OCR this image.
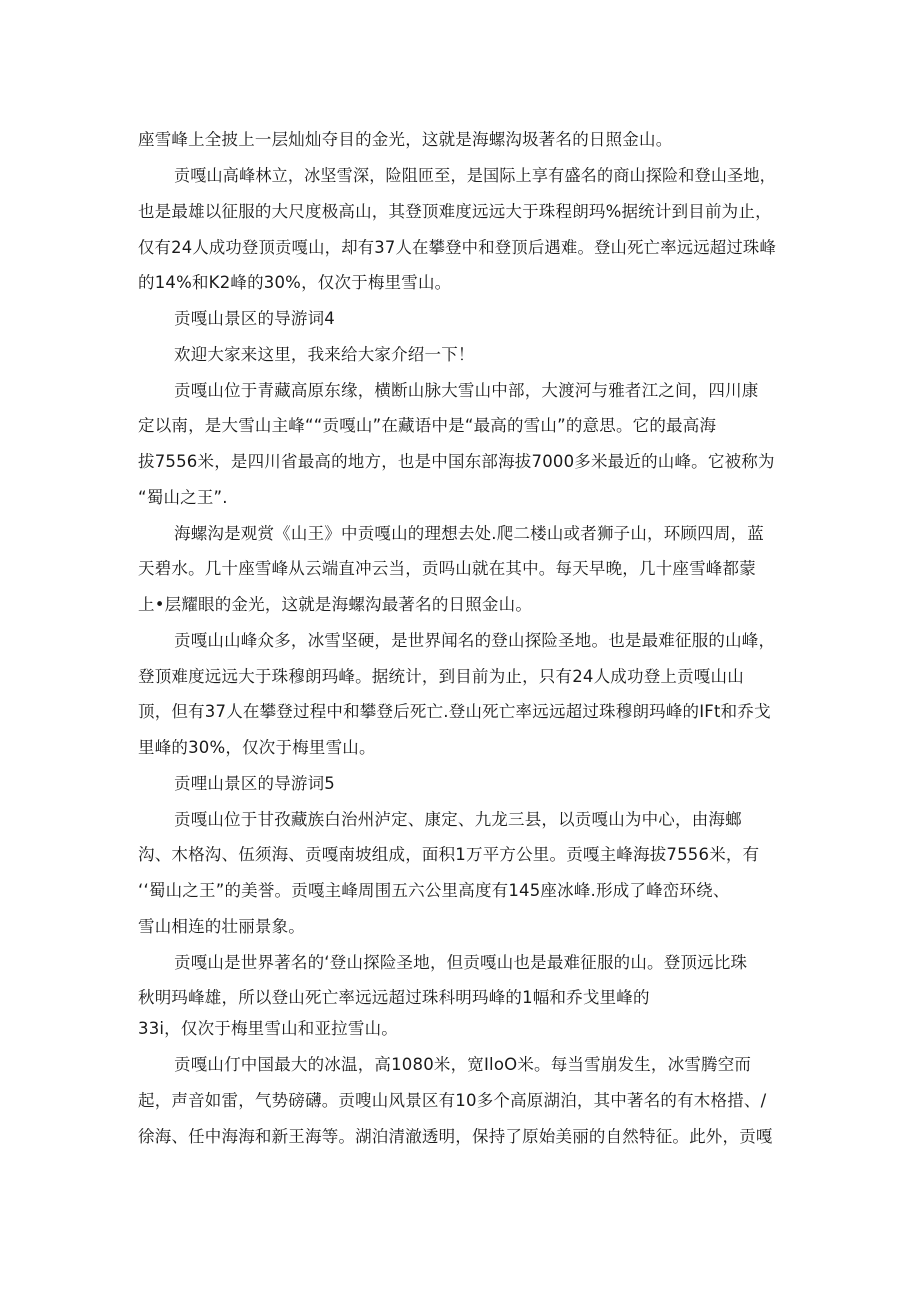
座雪峰上全披上一层灿灿夺目的金光，这就是海螺沟圾著名的日照金山。
贡嘎山高峰林立，冰坚雪深，险阻匝至，是国际上享有盛名的商山探险和登山圣地，
也是最雄以征服的大尺度极高山，其登顶难度远远大于珠程朗玛%据统计到目前为止，
仅有24人成功登顶贡嘎山，却有37人在攀登中和登顶后遇难。登山死亡率远远超过珠峰
的14%和K2峰的30%，仅次于梅里雪山。
贡嘎山景区的导游词4
欢迎大家来这里，我来给大家介绍一下！
贡嘎山位于青藏高原东缘，横断山脉大雪山中部，大渡河与雅者江之间，四川康
定以南，是大雪山主峰““贡嘎山”在藏语中是“最高的雪山”的意思。它的最高海
拔7556米，是四川省最高的地方，也是中国东部海拔7000多米最近的山峰。它被称为
“蜀山之王”.
海螺沟是观赏《山王》中贡嘎山的理想去处.爬二楼山或者狮子山，环顾四周，蓝
天碧水。几十座雪峰从云端直冲云当，贡吗山就在其中。每天早晚，几十座雪峰都蒙
上•层耀眼的金光，这就是海螺沟最著名的日照金山。
贡嘎山山峰众多，冰雪坚硬，是世界闻名的登山探险圣地。也是最难征服的山峰，
登顶难度远远大于珠穆朗玛峰。据统计，到目前为止，只有24人成功登上贡嘎山山
顶，但有37人在攀登过程中和攀登后死亡.登山死亡率远远超过珠穆朗玛峰的IFt和乔戈
里峰的30%，仅次于梅里雪山。
贡哩山景区的导游词5
贡嘎山位于甘孜藏族白治州泸定、康定、九龙三县，以贡嘎山为中心，由海螂
沟、木格沟、伍须海、贡嘎南坡组成，面积1万平方公里。贡嘎主峰海拔7556米，有
‘‘蜀山之王”的美誉。贡嘎主峰周围五六公里高度有145座冰峰.形成了峰峦环绕、
雪山相连的壮丽景象。
贡嘎山是世界著名的‘登山探险圣地，但贡嘎山也是最难征服的山。登顶远比珠
秋明玛峰雄，所以登山死亡率远远超过珠科明玛峰的1幅和乔戈里峰的
33i，仅次于梅里雪山和亚拉雪山。
贡嘎山仃中国最大的冰温，高1080米，宽IloO米。每当雪崩发生，冰雪腾空而
起，声音如雷，气势磅礴。贡嗖山风景区有10多个高原湖泊，其中著名的有木格措、/
徐海、任中海海和新王海等。湖泊清澈透明，保持了原始美丽的自然特征。此外，贡嘎
